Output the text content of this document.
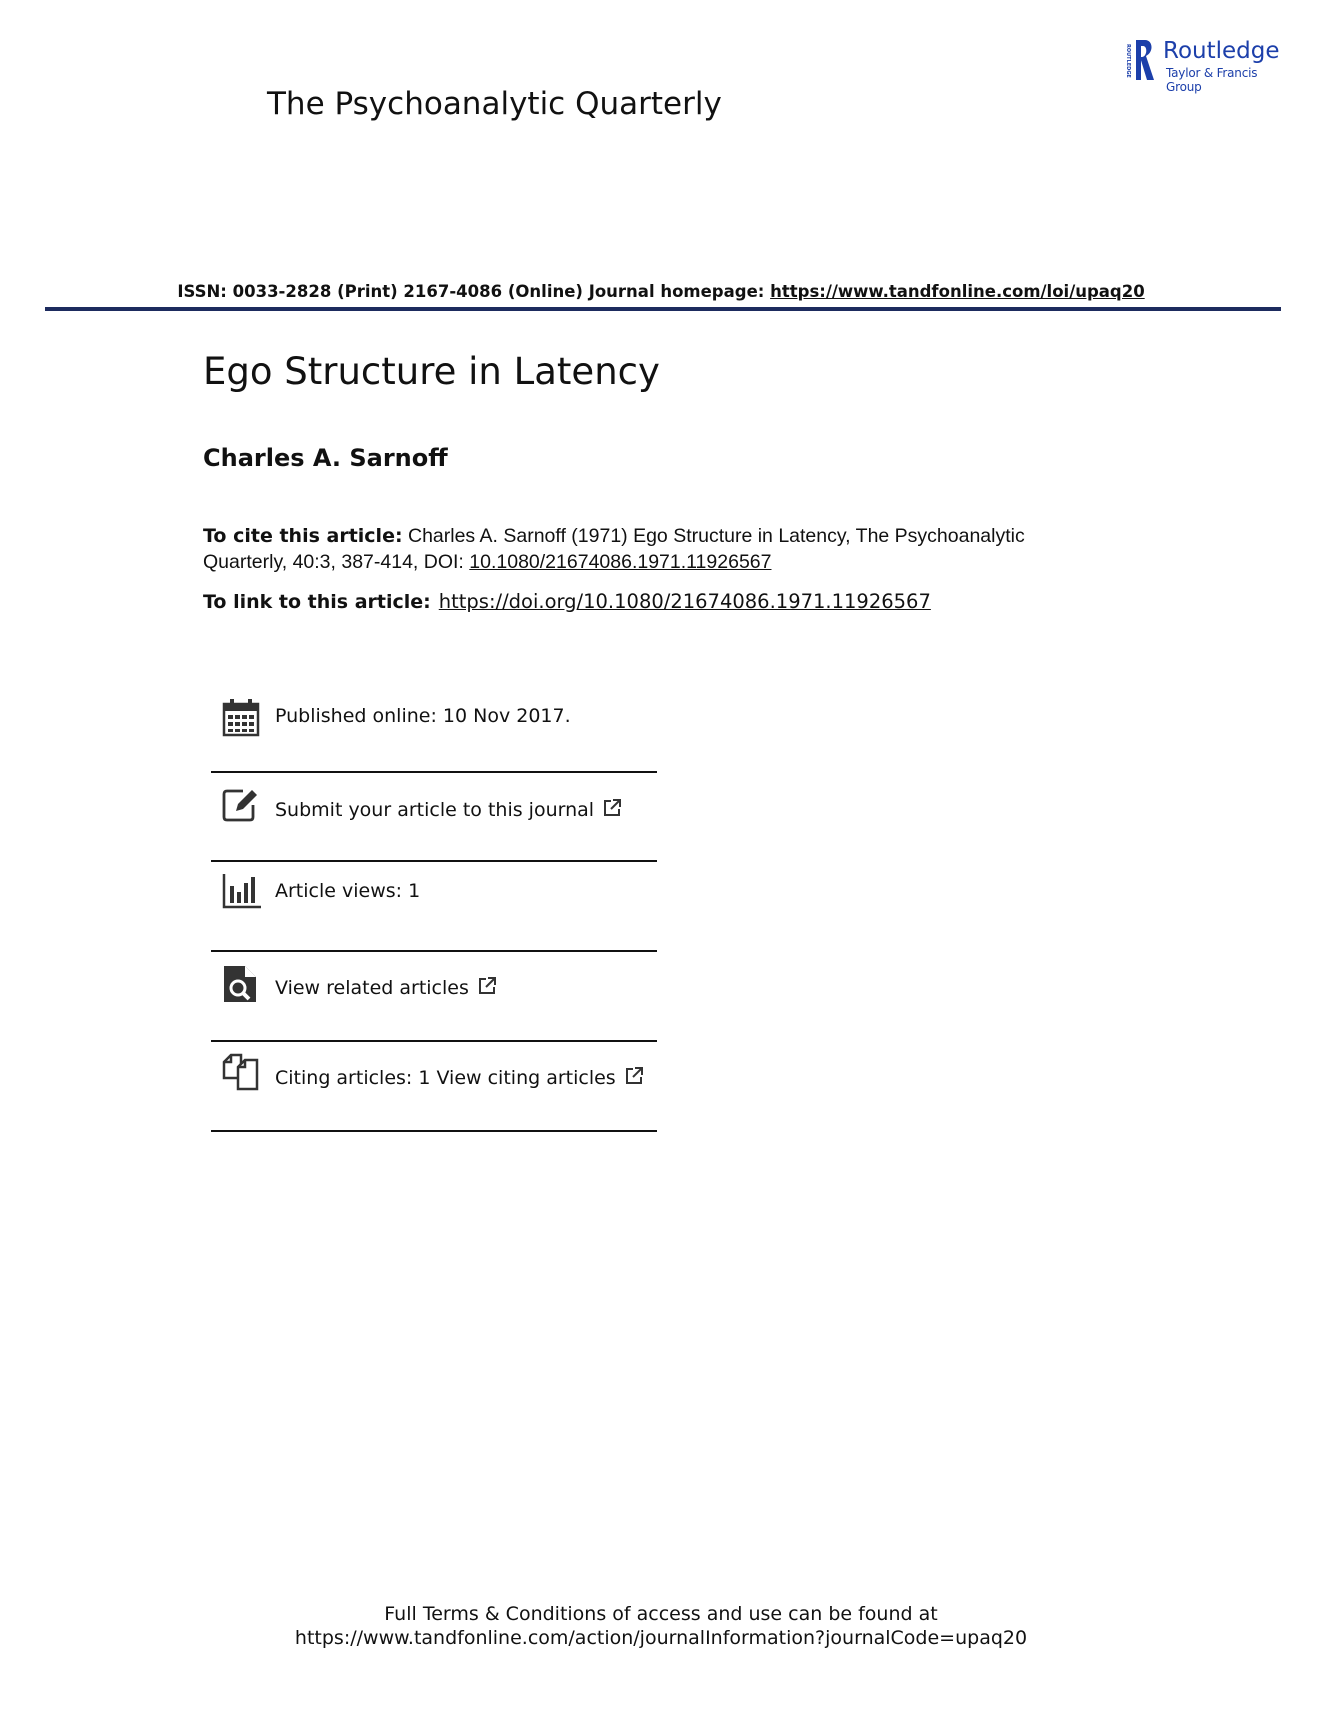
The Psychoanalytic Quarterly
ROUTLEDGE Routledge
Taylor & Francis Group
ISSN: 0033-2828 (Print) 2167-4086 (Online) Journal homepage: https://www.tandfonline.com/loi/upaq20
Ego Structure in Latency
Charles A. Sarnoff
To cite this article: Charles A. Sarnoff (1971) Ego Structure in Latency, The Psychoanalytic Quarterly, 40:3, 387-414, DOI: 10.1080/21674086.1971.11926567
To link to this article: https://doi.org/10.1080/21674086.1971.11926567
Published online: 10 Nov 2017.
Submit your article to this journal
Article views: 1
View related articles
Citing articles: 1 View citing articles
Full Terms & Conditions of access and use can be found at
https://www.tandfonline.com/action/journalInformation?journalCode=upaq20
